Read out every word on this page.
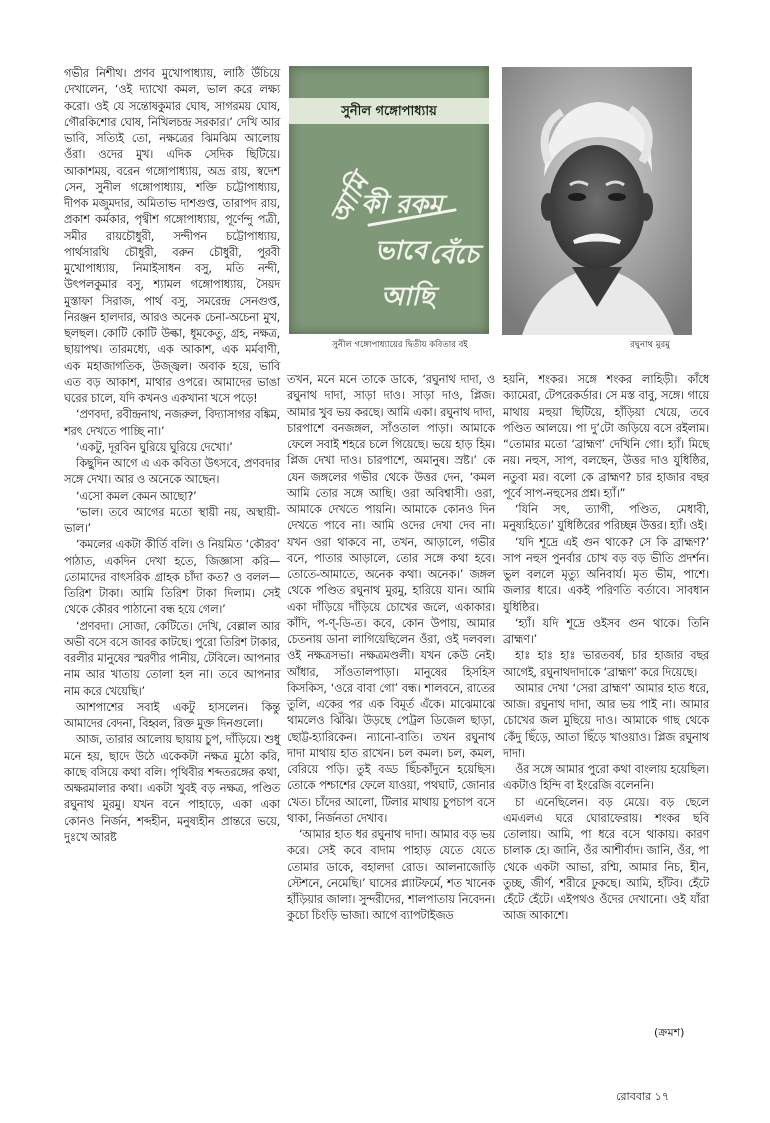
গভীর নিশীথ। প্রণব মুখোপাধ্যায়, লাঠি উঁচিয়ে দেখালেন, ‘ওই দ্যাখো কমল, ভাল করে লক্ষ্য করো। ওই যে সন্তোষকুমার ঘোষ, সাগরময় ঘোষ, গৌরকিশোর ঘোষ, নিখিলচন্দ্র সরকার।’ দেখি আর ভাবি, সত্যিই তো, নক্ষত্রের ঝিমঝিম আলোয় ওঁরা। ওদের মুখ। এদিক সেদিক ছিটিয়ে। আকাশময়, বরেন গঙ্গোপাধ্যায়, অভ্র রায়, স্বদেশ সেন, সুনীল গঙ্গোপাধ্যায়, শক্তি চট্টোপাধ্যায়, দীপক মজুমদার, অমিতাভ দাশগুপ্ত, তারাপদ রায়, প্রকাশ কর্মকার, পৃথ্বীশ গঙ্গোপাধ্যায়, পূর্ণেন্দু পত্রী, সমীর রায়চৌধুরী, সন্দীপন চট্টোপাধ্যায়, পার্থসারথি চৌধুরী, বরুন চৌধুরী, পুরবী মুখোপাধ্যায়, নিমাইসাধন বসু, মতি নন্দী, উৎপলকুমার বসু, শ্যামল গঙ্গোপাধ্যায়, সৈয়দ মুস্তাফা সিরাজ, পার্থ বসু, সমরেন্দ্র সেনগুপ্ত, নিরঞ্জন হালদার, আরও অনেক চেনা-অচেনা মুখ, ছলছল। কোটি কোটি উল্কা, ধূমকেতু, গ্রহ, নক্ষত্র, ছায়াপথ। তারমধ্যে, এক আকাশ, এক মর্মবাণী, এক মহাজাগতিক, উজ্জ্বল। অবাক হয়ে, ভাবি এত বড় আকাশ, মাথার ওপরে। আমাদের ভাঙা ঘরের চালে, যদি কখনও একখানা খসে পড়ে!

‘প্রণবদা, রবীন্দ্রনাথ, নজরুল, বিদ্যাসাগর বঙ্কিম, শরৎ দেখতে পাচ্ছি না।’

‘একটু, দূরবিন ঘুরিয়ে ঘুরিয়ে দেখো।’

কিছুদিন আগে এ এক কবিতা উৎসবে, প্রণবদার সঙ্গে দেখা। আর ও অনেকে আছেন।

‘এসো কমল কেমন আছো?’

‘ভাল। তবে আগের মতো স্থায়ী নয়, অস্থায়ী-ভাল।’

‘কমলের একটা কীর্তি বলি। ও নিয়মিত ‘কৌরব’ পাঠাত, একদিন দেখা হতে, জিজ্ঞাসা করি— তোমাদের বাৎসরিক গ্রাহক চাঁদা কত? ও বলল— তিরিশ টাকা। আমি তিরিশ টাকা দিলাম। সেই থেকে কৌরব পাঠানো বন্ধ হয়ে গেল।’

‘প্রণবদা। সোজা, কেটিতে। দেখি, বেল্লাল আর অভী বসে বসে জাবর কাটছে। পুরো তিরিশ টাকার, বরলীর মানুষের স্মরণীর পানীয়, টেবিলে। আপনার নাম আর খাতায় তোলা হল না। তবে আপনার নাম করে খেয়েছি।’

আশপাশের সবাই একটু হাসলেন। কিন্তু আমাদের বেদনা, বিহ্বল, রিক্ত মুক্ত দিনগুলো।

আজ, তারার আলোয় ছায়ায় চুপ, দাঁড়িয়ে। শুধু মনে হয়, ছাদে উঠে একেকটা নক্ষত্র মুঠো করি, কাছে বসিয়ে কথা বলি। পৃথিবীর শব্দতরঙ্গের কথা, অক্ষরমালার কথা। একটা খুবই বড় নক্ষত্র, পণ্ডিত রঘুনাথ মুরমু। যখন বনে পাহাড়ে, একা একা কোনও নির্জন, শব্দহীন, মনুষ্যহীন প্রান্তরে ভয়ে, দুঃখে আরষ্ট

সুনীল গঙ্গোপাধ্যায়
আমি
কী রকম
ভাবে বেঁচে
আছি
সুনীল গঙ্গোপাধ্যায়ের দ্বিতীয় কবিতার বই	রঘুনাথ মুরমু

তখন, মনে মনে তাকে ডাকে, ‘রঘুনাথ দাদা, ও রঘুনাথ দাদা, সাড়া দাও। সাড়া দাও, প্লিজ। আমার খুব ভয় করছে। আমি একা। রঘুনাথ দাদা, চারপাশে বনজঙ্গল, সাঁওতাল পাড়া। আমাকে ফেলে সবাই শহরে চলে গিয়েছে। ভয়ে হাড় হিম। প্লিজ দেখা দাও। চারপাশে, অমানুষ। স্রষ্ট।’ কে যেন জঙ্গলের গভীর থেকে উত্তর দেন, ‘কমল আমি তোর সঙ্গে আছি। ওরা অবিশ্বাসী। ওরা, আমাকে দেখতে পায়নি। আমাকে কোনও দিন দেখতে পাবে না। আমি ওদের দেখা দেব না। যখন ওরা থাকবে না, তখন, আড়ালে, গভীর বনে, পাতার আড়ালে, তোর সঙ্গে কথা হবে। তোতে-আমাতে, অনেক কথা। অনেক।’ জঙ্গল থেকে পণ্ডিত রঘুনাথ মুরমু, হারিয়ে যান। আমি একা দাঁড়িয়ে দাঁড়িয়ে চোখের জলে, একাকার। কাঁদি, প-ণ্-ডি-ত। কবে, কোন উপায়, আমার চেতনায় ডানা লাগিয়েছিলেন ওঁরা, ওই দলবল। ওই নক্ষত্রসভা। নক্ষত্রমণ্ডলী। যখন কেউ নেই। আঁধার, সাঁওতালপাড়া। মানুষের হিসহিস কিসকিস, ‘ওরে বাবা গো’ বন্ধ। শালবনে, রাতের তুলি, একের পর এক বিমূর্ত এঁকে। মাঝেমাঝে থামলেও ঝিঁঝি। উড়ছে পেট্রল ডিজেল ছাড়া, ছোট্ট-হ্যারিকেন। ন্যানো-বাতি। তখন রঘুনাথ দাদা মাথায় হাত রাখেন। চল কমল। চল, কমল, বেরিয়ে পড়ি। তুই বড্ড ছিঁচকাঁদুনে হয়েছিস। তোকে পশ্চাশের ফেলে যাওয়া, পথঘাট, জোনার খেত। চাঁদের আলো, টিলার মাথায় চুপচাপ বসে থাকা, নির্জনতা দেখাব।

‘আমার হাত ধর রঘুনাথ দাদা। আমার বড় ভয় করে। সেই কবে বাদাম পাহাড় যেতে যেতে তোমার ডাকে, বহালদা রোড। আলনাজোড়ি স্টেশনে, নেমেছি।’ ঘাসের প্ল্যাটফর্মে, শত খানেক হাঁড়িয়ার জালা। সুন্দরীদের, শালপাতায় নিবেদন। কুচো চিংড়ি ভাজা। আগে ব্যাপটাইজড

হয়নি, শংকর। সঙ্গে শংকর লাহিড়ী। কাঁধে ক্যামেরা, টেপরেকর্ডার। সে মস্ত বাবু, সঙ্গে। গায়ে মাথায় মহুয়া ছিটিয়ে, হাঁড়িয়া খেয়ে, তবে পণ্ডিত আলয়ে। পা দু’টো জড়িয়ে বসে রইলাম। “তোমার মতো ‘ব্রাহ্মণ’ দেখিনি গো। হ্যাঁ। মিছে নয়। নহুস, সাপ, বলছেন, উত্তর দাও যুধিষ্ঠির, নতুবা মর। বলো কে ব্রাহ্মণ? চার হাজার বছর পূর্বে সাপ-নহুসের প্রশ্ন। হ্যাঁ।”

‘যিনি সৎ, ত্যাগী, পণ্ডিত, মেধাবী, মনুষ্যহিতে।’ যুধিষ্ঠিরের পরিচ্ছন্ন উত্তর। হ্যাঁ। ওই।

‘যদি শূদ্রে এই গুন থাকে? সে কি ব্রাহ্মণ?’ সাপ নহুস পুনর্বার চোখ বড় বড় ভীতি প্রদর্শন। ভুল বললে মৃত্যু অনিবার্য। মৃত ভীম, পাশে। জলার ধারে। একই পরিণতি বর্তাবে। সাবধান যুধিষ্ঠির।

‘হ্যাঁ। যদি শূদ্রে ওইসব গুন থাকে। তিনি ব্রাহ্মণ।’

হাঃ হাঃ হাঃ ভারতবর্ষ, চার হাজার বছর আগেই, রঘুনাথদাদাকে ‘ব্রাহ্মণ’ করে দিয়েছে।

আমার দেখা ‘সেরা ব্রাহ্মণ’ আমার হাত ধরে, আজ। রঘুনাথ দাদা, আর ভয় পাই না। আমার চোখের জল মুছিয়ে দাও। আমাকে গাছ থেকে কেঁদু ছিঁড়ে, আতা ছিঁড়ে খাওয়াও। প্লিজ রঘুনাথ দাদা।

ওঁর সঙ্গে আমার পুরো কথা বাংলায় হয়েছিল। একটাও হিন্দি বা ইংরেজি বলেননি।

চা এনেছিলেন। বড় মেয়ে। বড় ছেলে এমএলএ ঘরে ঘোরাফেরায়। শংকর ছবি তোলায়। আমি, পা ধরে বসে থাকায়। কারণ চালাক হে। জানি, ওঁর আশীর্বাদ। জানি, ওঁর, পা থেকে একটা আভা, রশ্মি, আমার নিচ, হীন, তুচ্ছ, জীর্ণ, শরীরে ঢুকছে। আমি, হাঁটব। হেঁটে হেঁটে হেঁটে। এইপথও ওঁদের দেখানো। ওই যাঁরা আজ আকাশে।

(ক্রমশ)
রোববার ১৭
